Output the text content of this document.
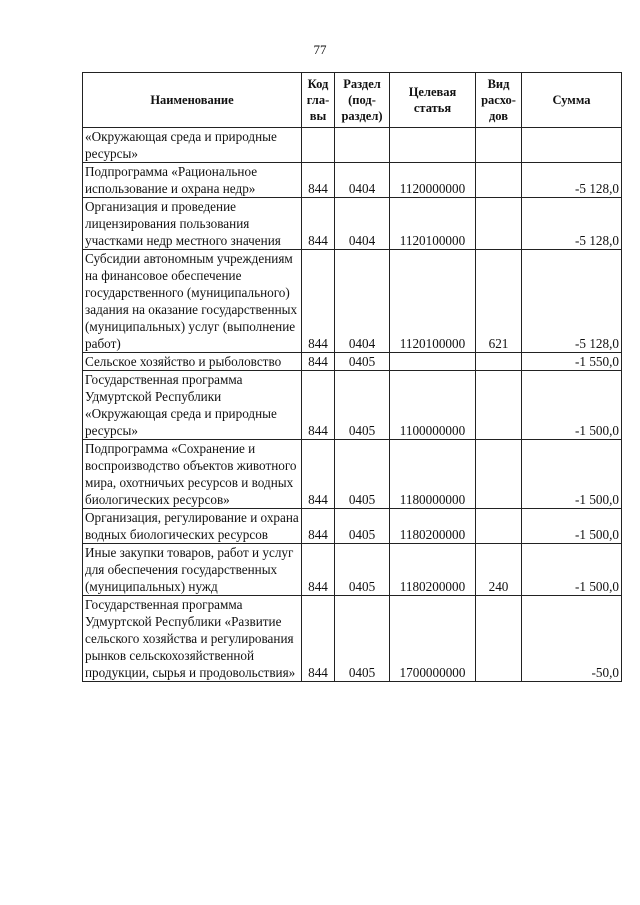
77
Наименование	Код гла- вы	Раздел (под- раздел)	Целевая статья	Вид расхо- дов	Сумма
«Окружающая среда и природные ресурсы»					
Подпрограмма «Рациональное использование и охрана недр»	844	0404	1120000000		-5 128,0
Организация и проведение лицензирования пользования участками недр местного значения	844	0404	1120100000		-5 128,0
Субсидии автономным учреждениям на финансовое обеспечение государственного (муниципального) задания на оказание государственных (муниципальных) услуг (выполнение работ)	844	0404	1120100000	621	-5 128,0
Сельское хозяйство и рыболовство	844	0405			-1 550,0
Государственная программа Удмуртской Республики «Окружающая среда и природные ресурсы»	844	0405	1100000000		-1 500,0
Подпрограмма «Сохранение и воспроизводство объектов животного мира, охотничьих ресурсов и водных биологических ресурсов»	844	0405	1180000000		-1 500,0
Организация, регулирование и охрана водных биологических ресурсов	844	0405	1180200000		-1 500,0
Иные закупки товаров, работ и услуг для обеспечения государственных (муниципальных) нужд	844	0405	1180200000	240	-1 500,0
Государственная программа Удмуртской Республики «Развитие сельского хозяйства и регулирования рынков сельскохозяйственной продукции, сырья и продовольствия»	844	0405	1700000000		-50,0
